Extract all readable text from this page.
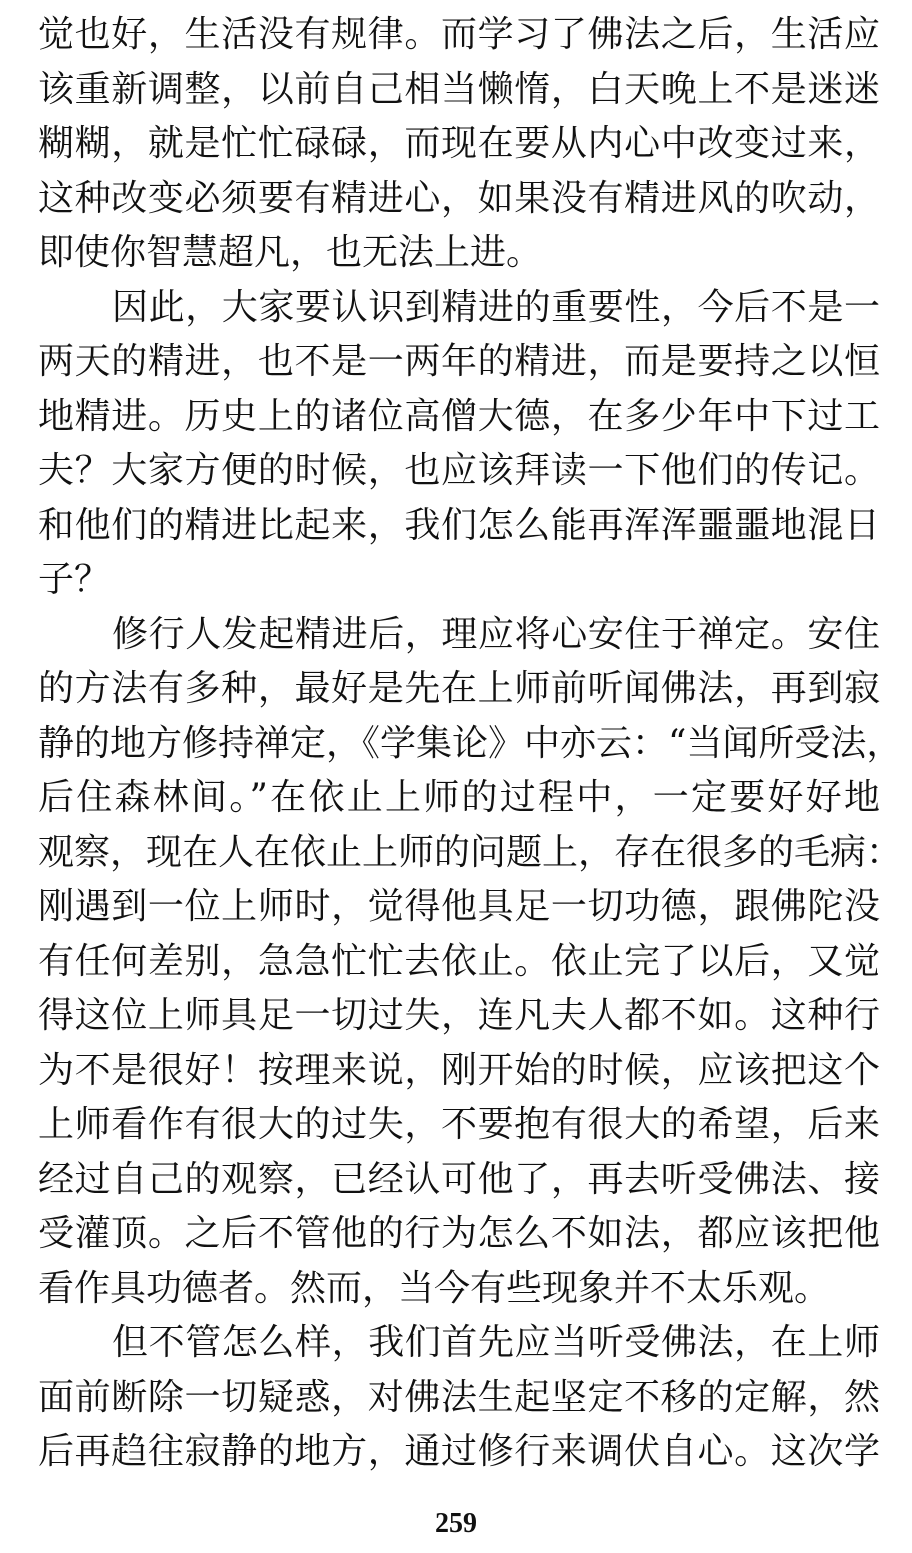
觉也好，生活没有规律。而学习了佛法之后，生活应
该重新调整，以前自己相当懒惰，白天晚上不是迷迷
糊糊，就是忙忙碌碌，而现在要从内心中改变过来，
这种改变必须要有精进心，如果没有精进风的吹动，
即使你智慧超凡，也无法上进。
因此，大家要认识到精进的重要性，今后不是一
两天的精进，也不是一两年的精进，而是要持之以恒
地精进。历史上的诸位高僧大德，在多少年中下过工
夫？大家方便的时候，也应该拜读一下他们的传记。
和他们的精进比起来，我们怎么能再浑浑噩噩地混日
子？
修行人发起精进后，理应将心安住于禅定。安住
的方法有多种，最好是先在上师前听闻佛法，再到寂
静的地方修持禅定，《学集论》中亦云：“当闻所受法，
后住森林间。”在依止上师的过程中，一定要好好地
观察，现在人在依止上师的问题上，存在很多的毛病：
刚遇到一位上师时，觉得他具足一切功德，跟佛陀没
有任何差别，急急忙忙去依止。依止完了以后，又觉
得这位上师具足一切过失，连凡夫人都不如。这种行
为不是很好！按理来说，刚开始的时候，应该把这个
上师看作有很大的过失，不要抱有很大的希望，后来
经过自己的观察，已经认可他了，再去听受佛法、接
受灌顶。之后不管他的行为怎么不如法，都应该把他
看作具功德者。然而，当今有些现象并不太乐观。
但不管怎么样，我们首先应当听受佛法，在上师
面前断除一切疑惑，对佛法生起坚定不移的定解，然
后再趋往寂静的地方，通过修行来调伏自心。这次学
259
